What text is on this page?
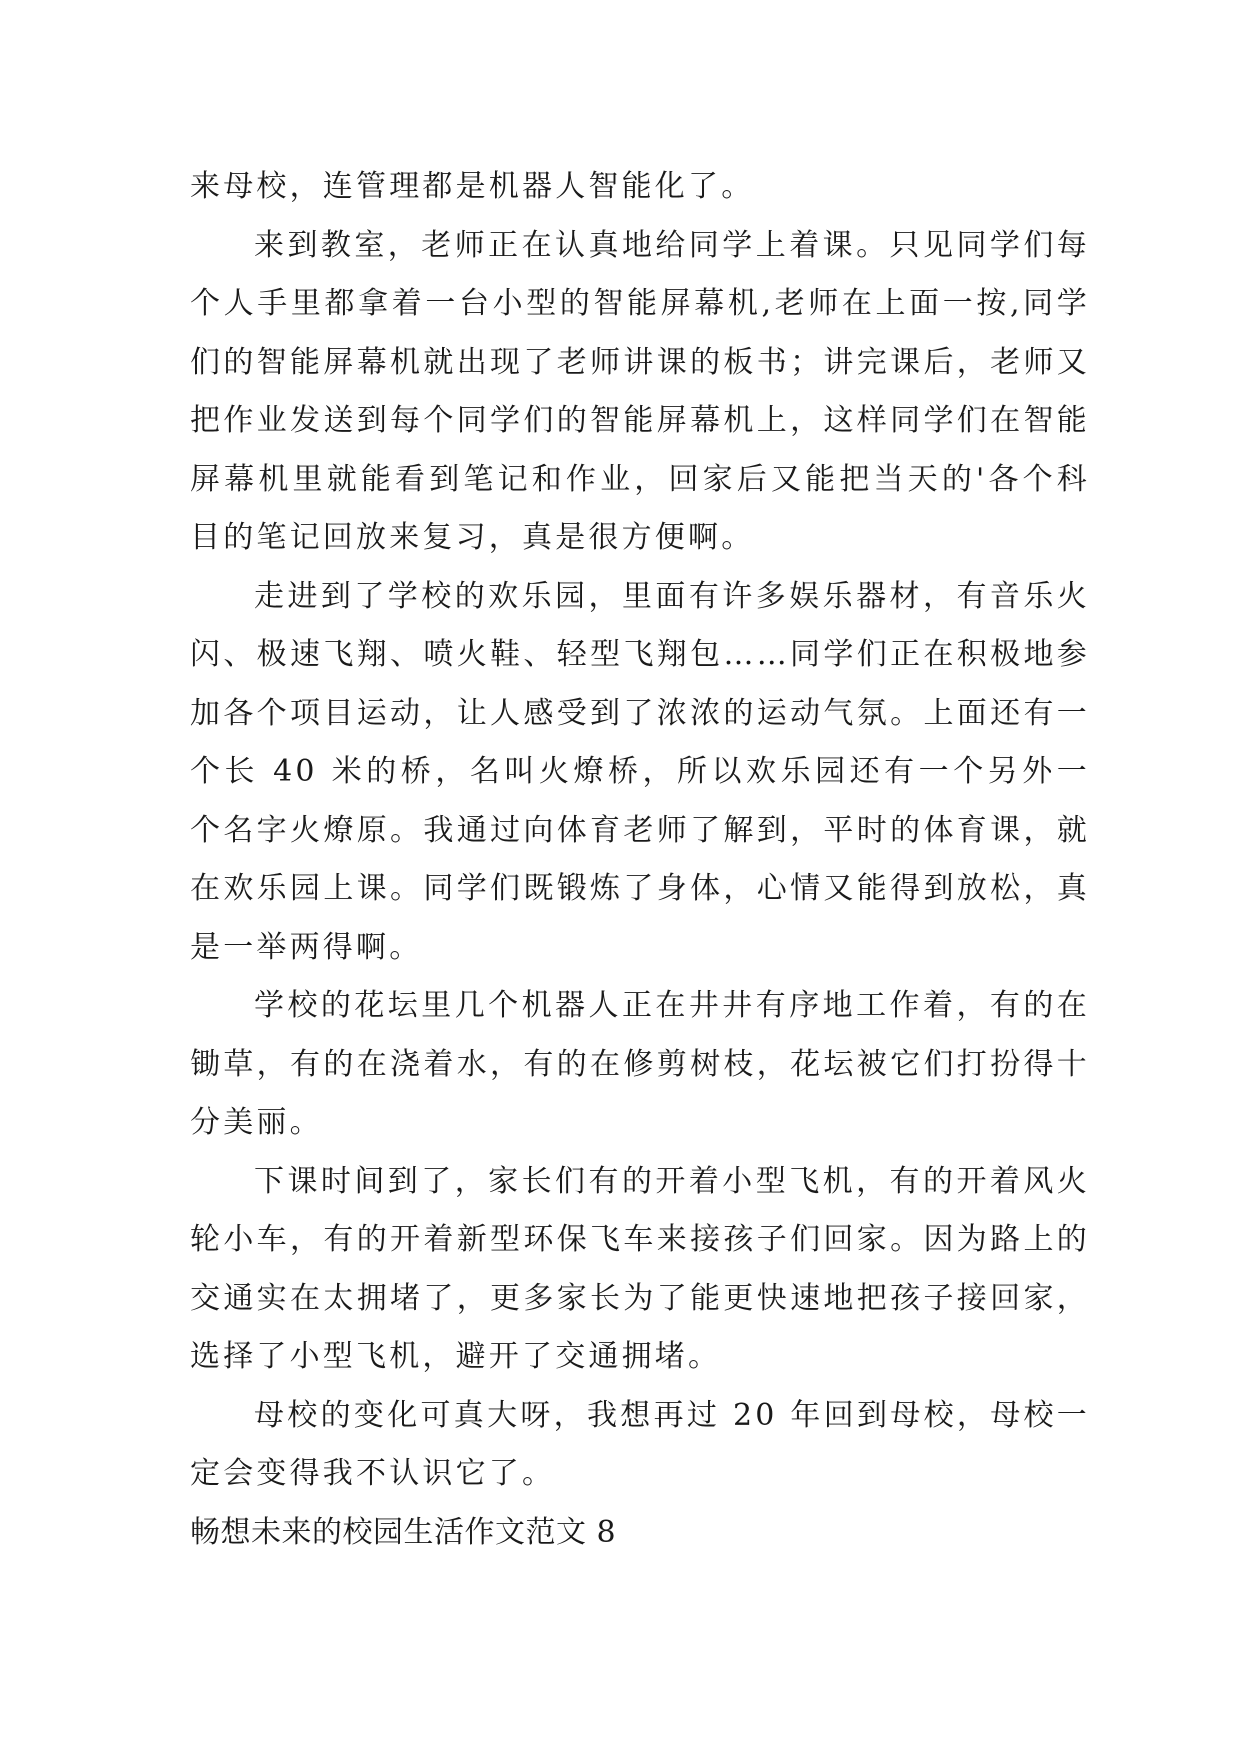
来母校，连管理都是机器人智能化了。

来到教室，老师正在认真地给同学上着课。只见同学们每个人手里都拿着一台小型的智能屏幕机,老师在上面一按,同学们的智能屏幕机就出现了老师讲课的板书；讲完课后，老师又把作业发送到每个同学们的智能屏幕机上，这样同学们在智能屏幕机里就能看到笔记和作业，回家后又能把当天的'各个科目的笔记回放来复习，真是很方便啊。

走进到了学校的欢乐园，里面有许多娱乐器材，有音乐火闪、极速飞翔、喷火鞋、轻型飞翔包……同学们正在积极地参加各个项目运动，让人感受到了浓浓的运动气氛。上面还有一个长 40 米的桥，名叫火燎桥，所以欢乐园还有一个另外一个名字火燎原。我通过向体育老师了解到，平时的体育课，就在欢乐园上课。同学们既锻炼了身体，心情又能得到放松，真是一举两得啊。

学校的花坛里几个机器人正在井井有序地工作着，有的在锄草，有的在浇着水，有的在修剪树枝，花坛被它们打扮得十分美丽。

下课时间到了，家长们有的开着小型飞机，有的开着风火轮小车，有的开着新型环保飞车来接孩子们回家。因为路上的交通实在太拥堵了，更多家长为了能更快速地把孩子接回家，选择了小型飞机，避开了交通拥堵。

母校的变化可真大呀，我想再过 20 年回到母校，母校一定会变得我不认识它了。

畅想未来的校园生活作文范文 8
